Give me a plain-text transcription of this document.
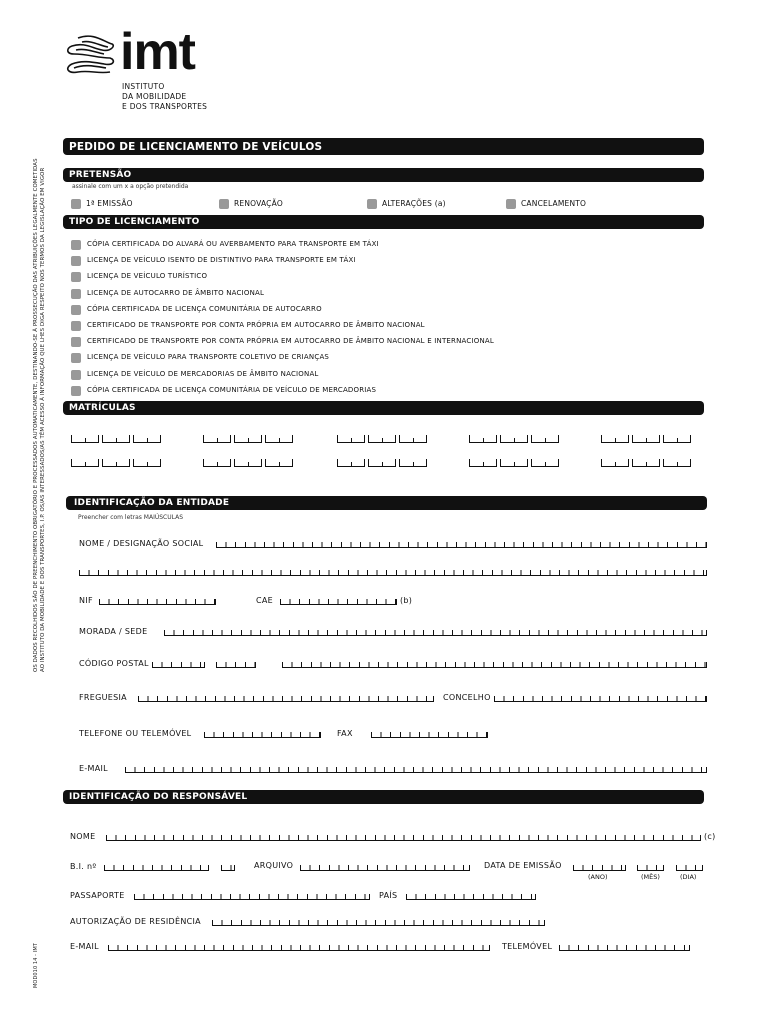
imt
INSTITUTO
DA MOBILIDADE
E DOS TRANSPORTES
OS DADOS RECOLHIDOS SÃO DE PREENCHIMENTO OBRIGATÓRIO E PROCESSADOS AUTOMATICAMENTE, DESTINANDO-SE À PROSSECUÇÃO DAS ATRIBUIÇÕES LEGALMENTE COMETIDAS AO INSTITUTO DA MOBILIDADE E DOS TRANSPORTES, I.P. OS/AS INTERESSADOS/AS TÊM ACESSO À INFORMAÇÃO QUE LHES DIGA RESPEITO NOS TERMOS DA LEGISLAÇÃO EM VIGOR
MOD010 14 - IMT
PEDIDO DE LICENCIAMENTO DE VEÍCULOS
PRETENSÃO
assinale com um x a opção pretendida
1ª EMISSÃO	RENOVAÇÃO	ALTERAÇÕES (a)	CANCELAMENTO
TIPO DE LICENCIAMENTO
CÓPIA CERTIFICADA DO ALVARÁ OU AVERBAMENTO PARA TRANSPORTE EM TÁXI
LICENÇA DE VEÍCULO ISENTO DE DISTINTIVO PARA TRANSPORTE EM TÁXI
LICENÇA DE VEÍCULO TURÍSTICO
LICENÇA DE AUTOCARRO DE ÂMBITO NACIONAL
CÓPIA CERTIFICADA DE LICENÇA COMUNITÁRIA DE AUTOCARRO
CERTIFICADO DE TRANSPORTE POR CONTA PRÓPRIA EM AUTOCARRO DE ÂMBITO NACIONAL
CERTIFICADO DE TRANSPORTE POR CONTA PRÓPRIA EM AUTOCARRO DE ÂMBITO NACIONAL E INTERNACIONAL
LICENÇA DE VEÍCULO PARA TRANSPORTE COLETIVO DE CRIANÇAS
LICENÇA DE VEÍCULO DE MERCADORIAS DE ÂMBITO NACIONAL
CÓPIA CERTIFICADA DE LICENÇA COMUNITÁRIA DE VEÍCULO DE MERCADORIAS
MATRÍCULAS
IDENTIFICAÇÃO DA ENTIDADE
Preencher com letras MAIÚSCULAS
NOME / DESIGNAÇÃO SOCIAL
NIF	CAE	(b)
MORADA / SEDE
CÓDIGO POSTAL
FREGUESIA	CONCELHO
TELEFONE OU TELEMÓVEL	FAX
E-MAIL
IDENTIFICAÇÃO DO RESPONSÁVEL
NOME	(c)
B.I. nº	ARQUIVO	DATA DE EMISSÃO
(ANO)	(MÊS)	(DIA)
PASSAPORTE	PAÍS
AUTORIZAÇÃO DE RESIDÊNCIA
E-MAIL	TELEMÓVEL
